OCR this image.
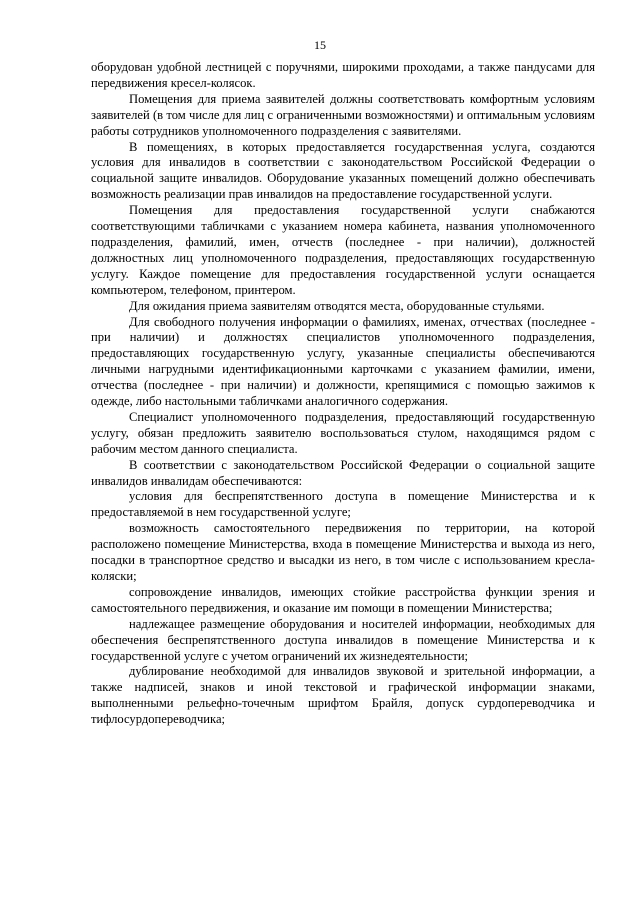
15

оборудован удобной лестницей с поручнями, широкими проходами, а также пандусами для передвижения кресел-колясок.

Помещения для приема заявителей должны соответствовать комфортным условиям заявителей (в том числе для лиц с ограниченными возможностями) и оптимальным условиям работы сотрудников уполномоченного подразделения с заявителями.

В помещениях, в которых предоставляется государственная услуга, создаются условия для инвалидов в соответствии с законодательством Российской Федерации о социальной защите инвалидов. Оборудование указанных помещений должно обеспечивать возможность реализации прав инвалидов на предоставление государственной услуги.

Помещения для предоставления государственной услуги снабжаются соответствующими табличками с указанием номера кабинета, названия уполномоченного подразделения, фамилий, имен, отчеств (последнее - при наличии), должностей должностных лиц уполномоченного подразделения, предоставляющих государственную услугу. Каждое помещение для предоставления государственной услуги оснащается компьютером, телефоном, принтером.

Для ожидания приема заявителям отводятся места, оборудованные стульями.

Для свободного получения информации о фамилиях, именах, отчествах (последнее - при наличии) и должностях специалистов уполномоченного подразделения, предоставляющих государственную услугу, указанные специалисты обеспечиваются личными нагрудными идентификационными карточками с указанием фамилии, имени, отчества (последнее - при наличии) и должности, крепящимися с помощью зажимов к одежде, либо настольными табличками аналогичного содержания.

Специалист уполномоченного подразделения, предоставляющий государственную услугу, обязан предложить заявителю воспользоваться стулом, находящимся рядом с рабочим местом данного специалиста.

В соответствии с законодательством Российской Федерации о социальной защите инвалидов инвалидам обеспечиваются:

условия для беспрепятственного доступа в помещение Министерства и к предоставляемой в нем государственной услуге;

возможность самостоятельного передвижения по территории, на которой расположено помещение Министерства, входа в помещение Министерства и выхода из него, посадки в транспортное средство и высадки из него, в том числе с использованием кресла-коляски;

сопровождение инвалидов, имеющих стойкие расстройства функции зрения и самостоятельного передвижения, и оказание им помощи в помещении Министерства;

надлежащее размещение оборудования и носителей информации, необходимых для обеспечения беспрепятственного доступа инвалидов в помещение Министерства и к государственной услуге с учетом ограничений их жизнедеятельности;

дублирование необходимой для инвалидов звуковой и зрительной информации, а также надписей, знаков и иной текстовой и графической информации знаками, выполненными рельефно-точечным шрифтом Брайля, допуск сурдопереводчика и тифлосурдопереводчика;
